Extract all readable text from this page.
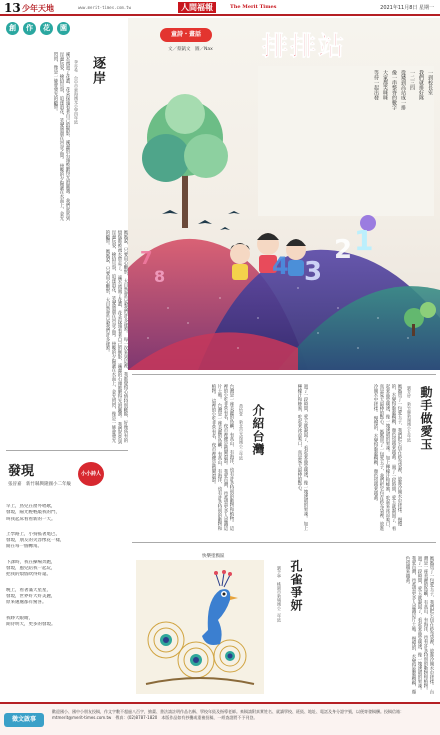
13 少年天地	www.merit-times.com.tw	人間福報	The Merit Times	2021年11月8日 星期一
創	作	花	園
逐岸
李亦希　台中市東海國光小學四年級
溪水流過了花叢，花朵探頭看著自己的倒影，溪邊的石頭被磨得光滑圓潤。 我們常常到岸邊玩耍，撿拾貝殼，追逐浪花，笑聲迴盪在河谷之間。 傍晚的夕陽灑在水面上，金光閃閃，像是一條會發光的緞帶。
媽媽說，只要用心觀察，大自然會告訴我們許多祕密。 每一次來到這裡，我都覺得心情特別輕鬆，好像所有的煩惱都被流水帶走了。 溪水流過了花叢，花朵探頭看著自己的倒影，溪邊的石頭被磨得光滑圓潤。 我們常常到岸邊玩耍，撿拾貝殼，追逐浪花，笑聲迴盪在河谷之間。 傍晚的夕陽灑在水面上，金光閃閃，像是一條會發光的緞帶。 媽媽說，只要用心觀察，大自然會告訴我們許多祕密。
發現
張晉嘉　新竹縣興隆國小二年級
小小詩人

早上，鳥兒在窗外唱歌，

發現，陽光輕輕敲我的門，

叫我起床看看新的一天。

上學路上，小狗搖著尾巴，

發現，朋友的笑容像花一樣，

開在每一個轉角。

下課時，我在操場奔跑，

發現，風兒陪我一起玩，

把我的煩惱吹得好遠。

晚上，看著滿天星星，

發現，世界好大好美麗，

原來處處都有驚喜。

我睜大眼睛，

期待明天，更多的發現。

4 3
2 1
7
8
排排站
童詩・畫話
文／蔡凱文　圖／Nax
一到校長室
我們就排好隊
一二三四
從矮到高站成一排
像一串整齊的數字
大家都笑咪咪
等待一起出發
動手做愛玉
劉芳妤　新竹縣新湖國小五年級
媽媽買了一包愛玉子，我們把它包在紗布袋裡，放進冷開水中搓揉。 慢慢的，水變得黏黏稠稠，顏色也越來越黃。 過了一段時間，愛玉就凝固了，看起來晶瑩剔透，像一塊透明的果凍。 加上檸檬汁和蜂蜜，吃起來冰涼爽口，真是夏天最棒的點心。 媽媽買了一包愛玉子，我們把它包在紗布袋裡，放進冷開水中搓揉。 慢慢的，水變得黏黏稠稠，顏色也越來越黃。
過了一段時間，愛玉就凝固了，看起來晶瑩剔透，像一塊透明的果凍。 加上檸檬汁和蜂蜜，吃起來冰涼爽口，真是夏天最棒的點心。
介紹台灣
黃怡萱　新北市光復國小三年級
台灣是一座美麗的島嶼，有高山、有海洋，也有許多特別的動物和植物。 這裡的小吃非常有名，夜市裡總是熱鬧滾滾。 我愛台灣，也希望更多人認識這片土地。 台灣是一座美麗的島嶼，有高山、有海洋，也有許多特別的動物和植物。 這裡的小吃非常有名，夜市裡總是熱鬧滾滾。
快樂塗鴉區
孔雀爭妍
劉予寧　桃園市新埔國小二年級	媽媽買了一包愛玉子，我們把它包在紗布袋裡，放進冷開水中搓揉。 台灣是一座美麗的島嶼，有高山、有海洋，也有許多特別的動物和植物。 過了一段時間，愛玉就凝固了，看起來晶瑩剔透，像一塊透明的果凍。 我愛台灣，也希望更多人認識這片土地。 慢慢的，水變得黏黏稠稠，顏色也越來越黃。
徵文啟事
歡迎國小、國中小朋友投稿，作文字數不超過八百字，繪畫、書法請註明作品名稱、學校年級及指導老師。來稿請附真實姓名、就讀學校、班級、地址、電話及身分證字號，以便寄發稿酬。投稿信箱：mtmerit@merit-times.com.tw　傳真：(02)8787-1820　本版作品如有抄襲或重複投稿，一經查證將不予刊登。
